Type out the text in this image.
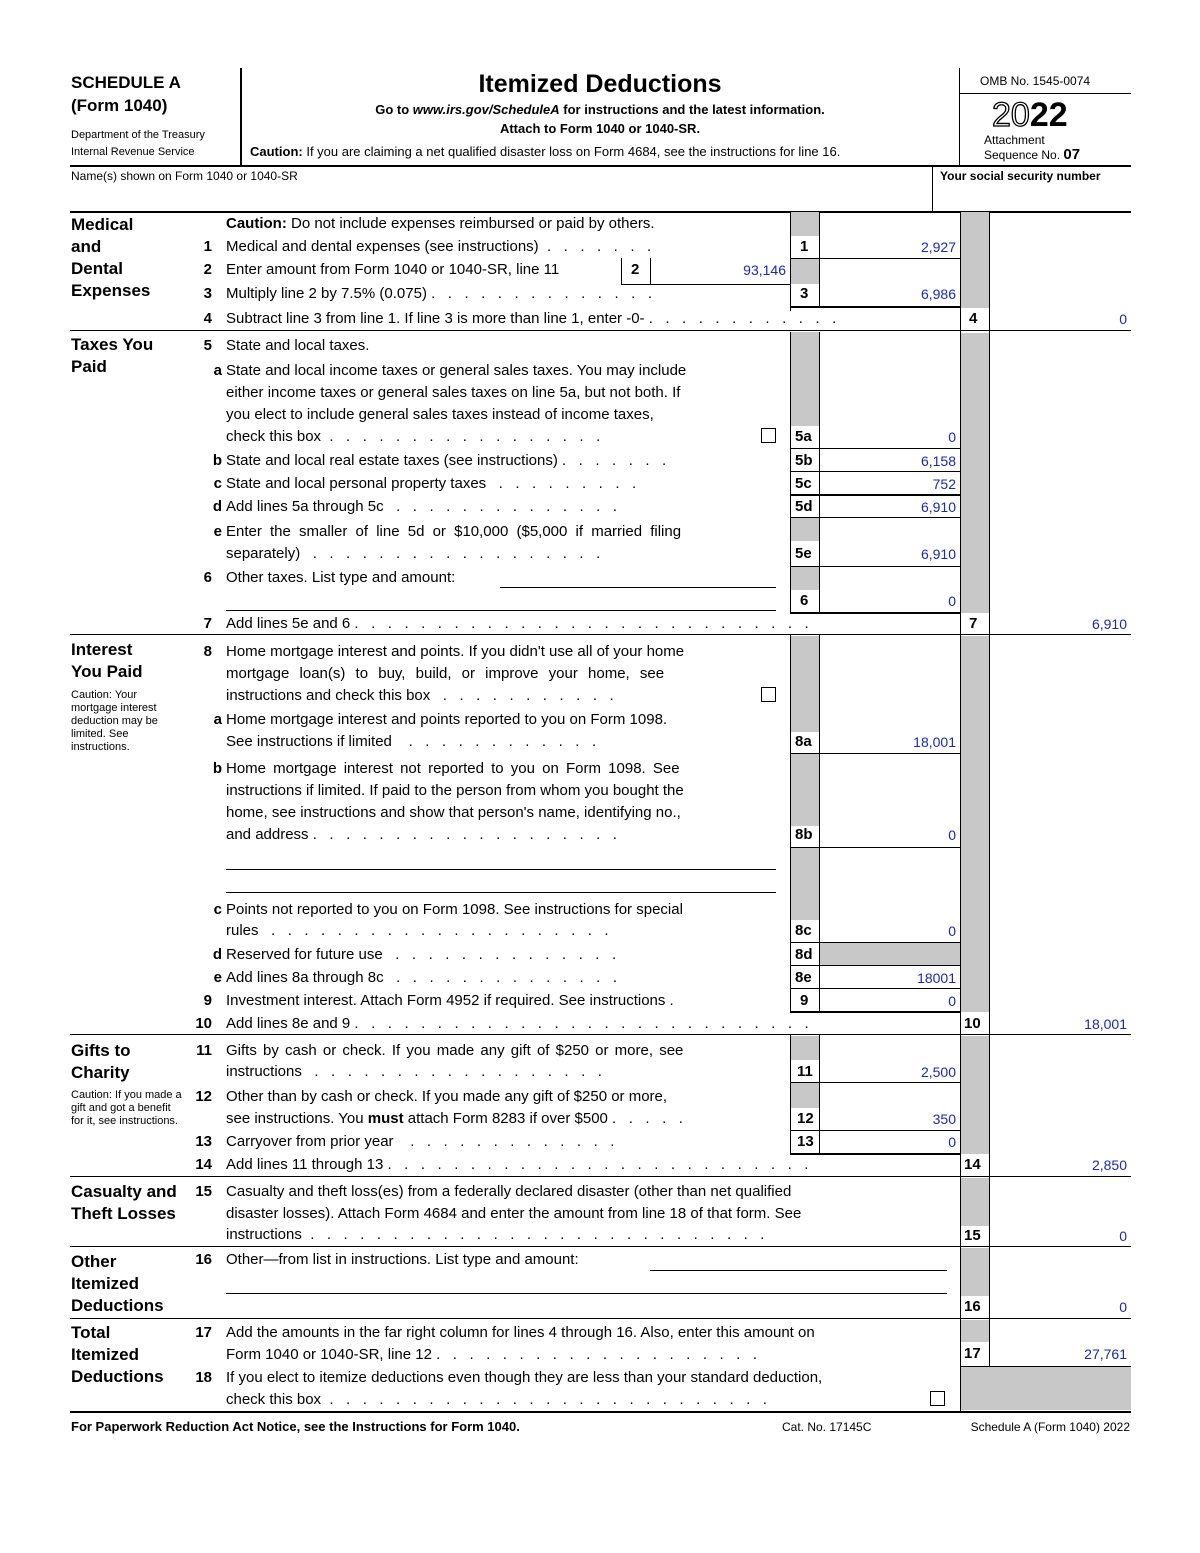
SCHEDULE A
(Form 1040)
Department of the Treasury
Internal Revenue Service
Itemized Deductions
Go to www.irs.gov/ScheduleA for instructions and the latest information.
Attach to Form 1040 or 1040-SR.
Caution: If you are claiming a net qualified disaster loss on Form 4684, see the instructions for line 16.
OMB No. 1545-0074
2022
Attachment
Sequence No. 07
Name(s) shown on Form 1040 or 1040-SR	Your social security number
Medical
and
Dental
Expenses
Taxes You
Paid
Interest
You Paid
Caution: Your mortgage interest deduction may be limited. See instructions.
Gifts to
Charity
Caution: If you made a gift and got a benefit for it, see instructions.
Casualty and
Theft Losses
Other
Itemized
Deductions
Total
Itemized
Deductions
Caution: Do not include expenses reimbursed or paid by others.
1 Medical and dental expenses (see instructions)  .   .   .   .   .   .   .	1	2,927
2 Enter amount from Form 1040 or 1040-SR, line 11	2	93,146
3 Multiply line 2 by 7.5% (0.075) .   .   .   .   .   .   .   .   .   .   .   .   .   .	3	6,986
4 Subtract line 3 from line 1. If line 3 is more than line 1, enter -0- .   .   .   .   .   .   .   .   .   .   .   .	4	0
5 State and local taxes.
a State and local income taxes or general sales taxes. You may include
either income taxes or general sales taxes on line 5a, but not both. If
you elect to include general sales taxes instead of income taxes,
check this box  .   .   .   .   .   .   .   .   .   .   .   .   .   .   .   .   .	5a	0
b State and local real estate taxes (see instructions) .   .   .   .   .   .   .	5b	6,158
c State and local personal property taxes   .   .   .   .   .   .   .   .   .	5c	752
d Add lines 5a through 5c   .   .   .   .   .   .   .   .   .   .   .   .   .   .	5d	6,910
e Enter the smaller of line 5d or $10,000 ($5,000 if married filing
separately)   .   .   .   .   .   .   .   .   .   .   .   .   .   .   .   .   .   .	5e	6,910
6 Other taxes. List type and amount:
6	0
7 Add lines 5e and 6 .   .   .   .   .   .   .   .   .   .   .   .   .   .   .   .   .   .   .   .   .   .   .   .   .   .   .   .	7	6,910
8 Home mortgage interest and points. If you didn't use all of your home
mortgage loan(s) to buy, build, or improve your home, see
instructions and check this box   .   .   .   .   .   .   .   .   .   .   .
a Home mortgage interest and points reported to you on Form 1098.
See instructions if limited    .   .   .   .   .   .   .   .   .   .   .   .	8a	18,001
b Home mortgage interest not reported to you on Form 1098. See
instructions if limited. If paid to the person from whom you bought the
home, see instructions and show that person's name, identifying no.,
and address .   .   .   .   .   .   .   .   .   .   .   .   .   .   .   .   .   .   .	8b	0
c Points not reported to you on Form 1098. See instructions for special
rules   .   .   .   .   .   .   .   .   .   .   .   .   .   .   .   .   .   .   .   .   .	8c	0
d Reserved for future use   .   .   .   .   .   .   .   .   .   .   .   .   .   .	8d
e Add lines 8a through 8c   .   .   .   .   .   .   .   .   .   .   .   .   .   .	8e	18001
9 Investment interest. Attach Form 4952 if required. See instructions .	9	0
10 Add lines 8e and 9 .   .   .   .   .   .   .   .   .   .   .   .   .   .   .   .   .   .   .   .   .   .   .   .   .   .   .   .	10	18,001
11 Gifts by cash or check. If you made any gift of $250 or more, see
instructions   .   .   .   .   .   .   .   .   .   .   .   .   .   .   .   .   .   .	11	2,500
12 Other than by cash or check. If you made any gift of $250 or more,
see instructions. You must attach Form 8283 if over $500 .   .   .   .   .	12	350
13 Carryover from prior year    .   .   .   .   .   .   .   .   .   .   .   .   .	13	0
14 Add lines 11 through 13 .   .   .   .   .   .   .   .   .   .   .   .   .   .   .   .   .   .   .   .   .   .   .   .   .   .	14	2,850
15 Casualty and theft loss(es) from a federally declared disaster (other than net qualified
disaster losses). Attach Form 4684 and enter the amount from line 18 of that form. See
instructions  .   .   .   .   .   .   .   .   .   .   .   .   .   .   .   .   .   .   .   .   .   .   .   .   .   .   .   .	15	0
16 Other—from list in instructions. List type and amount:
16	0
17 Add the amounts in the far right column for lines 4 through 16. Also, enter this amount on
Form 1040 or 1040-SR, line 12 .   .   .   .   .   .   .   .   .   .   .   .   .   .   .   .   .   .   .   .	17	27,761
18 If you elect to itemize deductions even though they are less than your standard deduction,
check this box  .   .   .   .   .   .   .   .   .   .   .   .   .   .   .   .   .   .   .   .   .   .   .   .   .   .   .
For Paperwork Reduction Act Notice, see the Instructions for Form 1040.	Cat. No. 17145C	Schedule A (Form 1040) 2022
